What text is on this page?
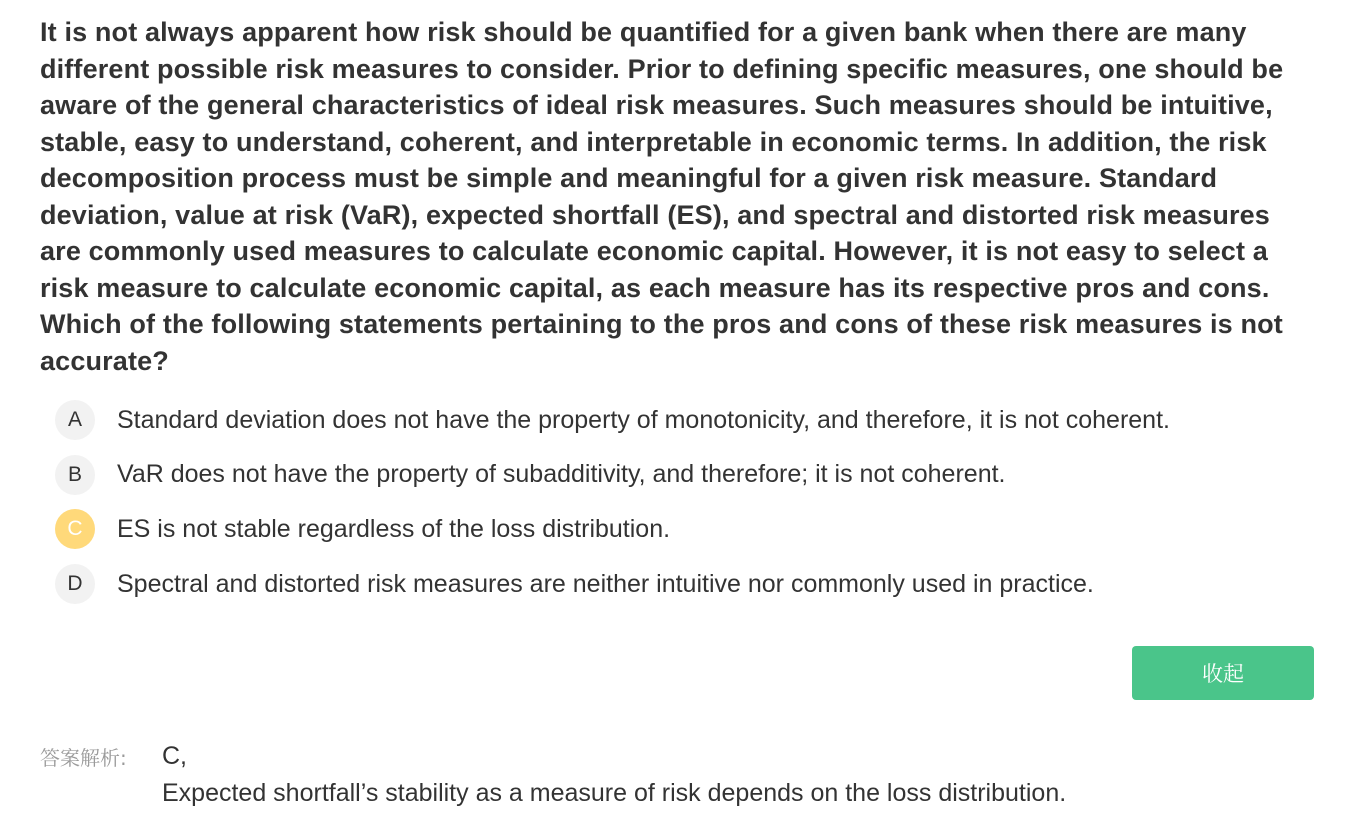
It is not always apparent how risk should be quantified for a given bank when there are many different possible risk measures to consider. Prior to defining specific measures, one should be aware of the general characteristics of ideal risk measures. Such measures should be intuitive, stable, easy to understand, coherent, and interpretable in economic terms. In addition, the risk decomposition process must be simple and meaningful for a given risk measure. Standard deviation, value at risk (VaR), expected shortfall (ES), and spectral and distorted risk measures are commonly used measures to calculate economic capital. However, it is not easy to select a risk measure to calculate economic capital, as each measure has its respective pros and cons. Which of the following statements pertaining to the pros and cons of these risk measures is not accurate?
A	Standard deviation does not have the property of monotonicity, and therefore, it is not coherent.
B	VaR does not have the property of subadditivity, and therefore; it is not coherent.
C	ES is not stable regardless of the loss distribution.
D	Spectral and distorted risk measures are neither intuitive nor commonly used in practice.
收起
答案解析: C,
Expected shortfall’s stability as a measure of risk depends on the loss distribution.
